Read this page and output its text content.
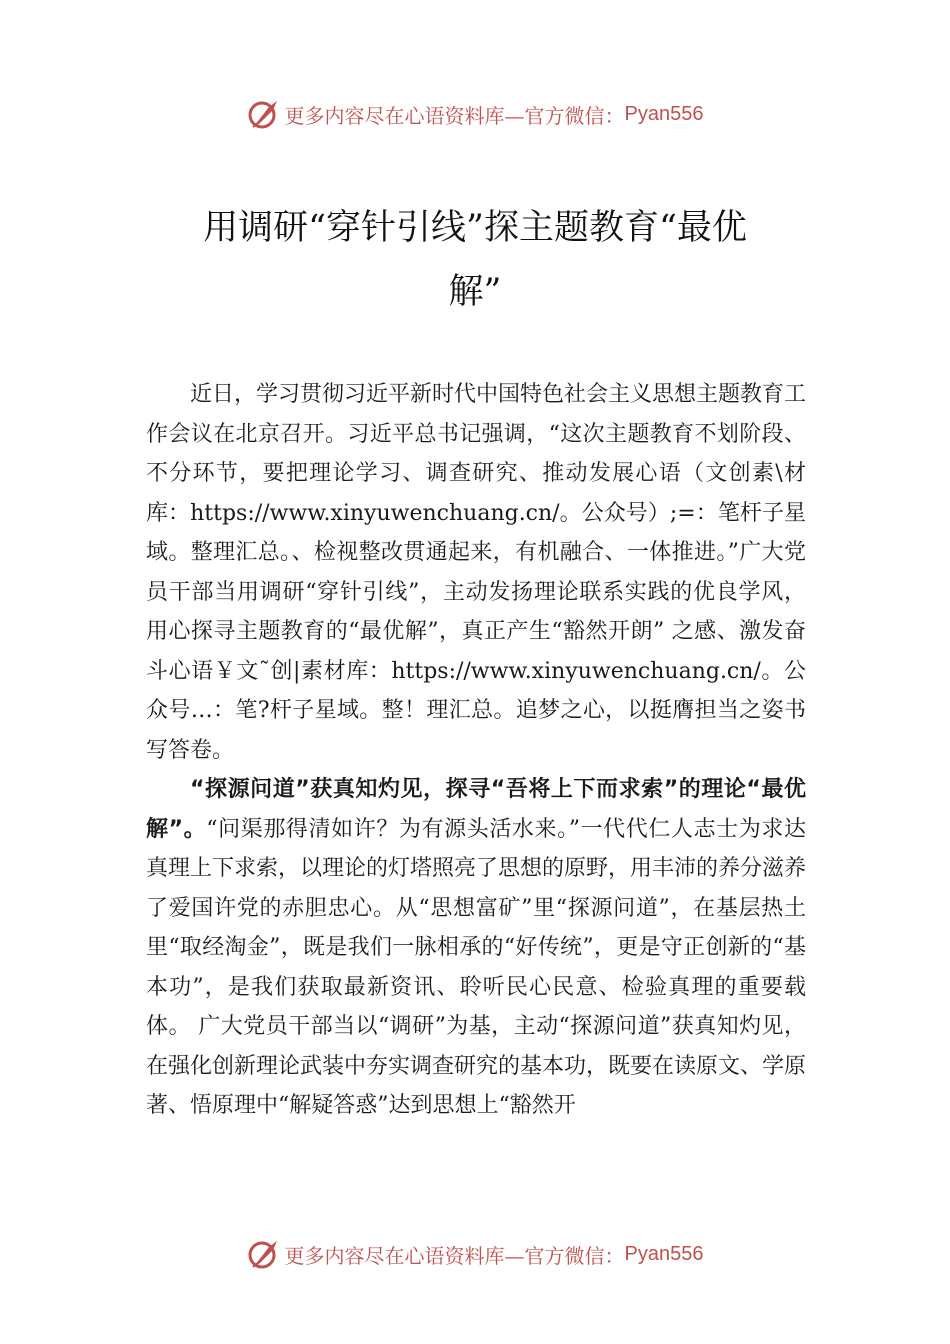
更多内容尽在心语资料库—官方微信： Pyan556
用调研“穿针引线”探主题教育“最优
解”

近日，学习贯彻习近平新时代中国特色社会主义思想主题教育工作会议在北京召开。习近平总书记强调，“这次主题教育不划阶段、不分环节，要把理论学习、调查研究、推动发展心语（文创素\材库：https://www.xinyuwenchuang.cn/。公众号）;=：笔杆子星域。整理汇总。、检视整改贯通起来，有机融合、一体推进。”广大党员干部当用调研“穿针引线”，主动发扬理论联系实践的优良学风，用心探寻主题教育的“最优解”，真正产生“豁然开朗” 之感、激发奋斗心语￥文˜创|素材库：https://www.xinyuwenchuang.cn/。公众号…：笔?杆子星域。整！理汇总。追梦之心，以挺膺担当之姿书写答卷。

“探源问道”获真知灼见，探寻“吾将上下而求索”的理论“最优解”。“问渠那得清如许？为有源头活水来。”一代代仁人志士为求达真理上下求索，以理论的灯塔照亮了思想的原野，用丰沛的养分滋养了爱国许党的赤胆忠心。从“思想富矿”里“探源问道”，在基层热土里“取经淘金”，既是我们一脉相承的“好传统”，更是守正创新的“基本功”，是我们获取最新资讯、聆听民心民意、检验真理的重要载体。 广大党员干部当以“调研”为基，主动“探源问道”获真知灼见，在强化创新理论武装中夯实调查研究的基本功，既要在读原文、学原著、悟原理中“解疑答惑”达到思想上“豁然开

更多内容尽在心语资料库—官方微信： Pyan556
